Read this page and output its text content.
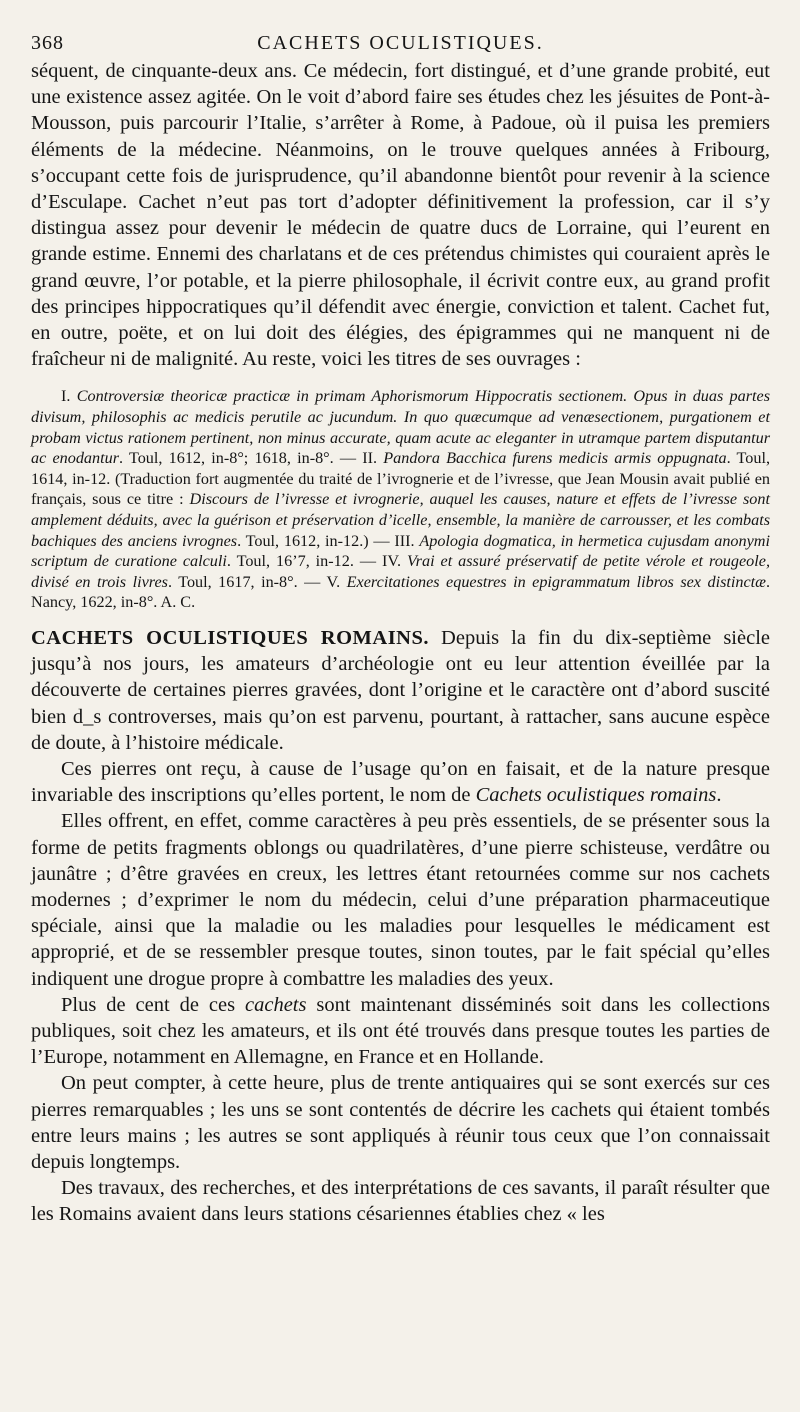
368	CACHETS OCULISTIQUES.

séquent, de cinquante-deux ans. Ce médecin, fort distingué, et d’une grande probité, eut une existence assez agitée. On le voit d’abord faire ses études chez les jésuites de Pont-à-Mousson, puis parcourir l’Italie, s’arrêter à Rome, à Padoue, où il puisa les premiers éléments de la médecine. Néanmoins, on le trouve quelques années à Fribourg, s’occupant cette fois de jurisprudence, qu’il abandonne bientôt pour revenir à la science d’Esculape. Cachet n’eut pas tort d’adopter définitivement la profession, car il s’y distingua assez pour devenir le médecin de quatre ducs de Lorraine, qui l’eurent en grande estime. Ennemi des charlatans et de ces prétendus chimistes qui couraient après le grand œuvre, l’or potable, et la pierre philosophale, il écrivit contre eux, au grand profit des principes hippocratiques qu’il défendit avec énergie, conviction et talent. Cachet fut, en outre, poëte, et on lui doit des élégies, des épigrammes qui ne manquent ni de fraîcheur ni de malignité. Au reste, voici les titres de ses ouvrages :

I. Controversiæ theoricæ practicæ in primam Aphorismorum Hippocratis sectionem. Opus in duas partes divisum, philosophis ac medicis perutile ac jucundum. In quo quæcumque ad venæsectionem, purgationem et probam victus rationem pertinent, non minus accurate, quam acute ac eleganter in utramque partem disputantur ac enodantur. Toul, 1612, in-8°; 1618, in-8°. — II. Pandora Bacchica furens medicis armis oppugnata. Toul, 1614, in-12. (Traduction fort augmentée du traité de l’ivrognerie et de l’ivresse, que Jean Mousin avait publié en français, sous ce titre : Discours de l’ivresse et ivrognerie, auquel les causes, nature et effets de l’ivresse sont amplement déduits, avec la guérison et préservation d’icelle, ensemble, la manière de carrousser, et les combats bachiques des anciens ivrognes. Toul, 1612, in-12.) — III. Apologia dogmatica, in hermetica cujusdam anonymi scriptum de curatione calculi. Toul, 16’7, in-12. — IV. Vrai et assuré préservatif de petite vérole et rougeole, divisé en trois livres. Toul, 1617, in-8°. — V. Exercitationes equestres in epigrammatum libros sex distinctæ. Nancy, 1622, in-8°. A. C.

CACHETS OCULISTIQUES ROMAINS. Depuis la fin du dix-septième siècle jusqu’à nos jours, les amateurs d’archéologie ont eu leur attention éveillée par la découverte de certaines pierres gravées, dont l’origine et le caractère ont d’abord suscité bien d_s controverses, mais qu’on est parvenu, pourtant, à rattacher, sans aucune espèce de doute, à l’histoire médicale.

Ces pierres ont reçu, à cause de l’usage qu’on en faisait, et de la nature presque invariable des inscriptions qu’elles portent, le nom de Cachets oculistiques romains.

Elles offrent, en effet, comme caractères à peu près essentiels, de se présenter sous la forme de petits fragments oblongs ou quadrilatères, d’une pierre schisteuse, verdâtre ou jaunâtre ; d’être gravées en creux, les lettres étant retournées comme sur nos cachets modernes ; d’exprimer le nom du médecin, celui d’une préparation pharmaceutique spéciale, ainsi que la maladie ou les maladies pour lesquelles le médicament est approprié, et de se ressembler presque toutes, sinon toutes, par le fait spécial qu’elles indiquent une drogue propre à combattre les maladies des yeux.

Plus de cent de ces cachets sont maintenant disséminés soit dans les collections publiques, soit chez les amateurs, et ils ont été trouvés dans presque toutes les parties de l’Europe, notamment en Allemagne, en France et en Hollande.

On peut compter, à cette heure, plus de trente antiquaires qui se sont exercés sur ces pierres remarquables ; les uns se sont contentés de décrire les cachets qui étaient tombés entre leurs mains ; les autres se sont appliqués à réunir tous ceux que l’on connaissait depuis longtemps.

Des travaux, des recherches, et des interprétations de ces savants, il paraît résulter que les Romains avaient dans leurs stations césariennes établies chez « les
